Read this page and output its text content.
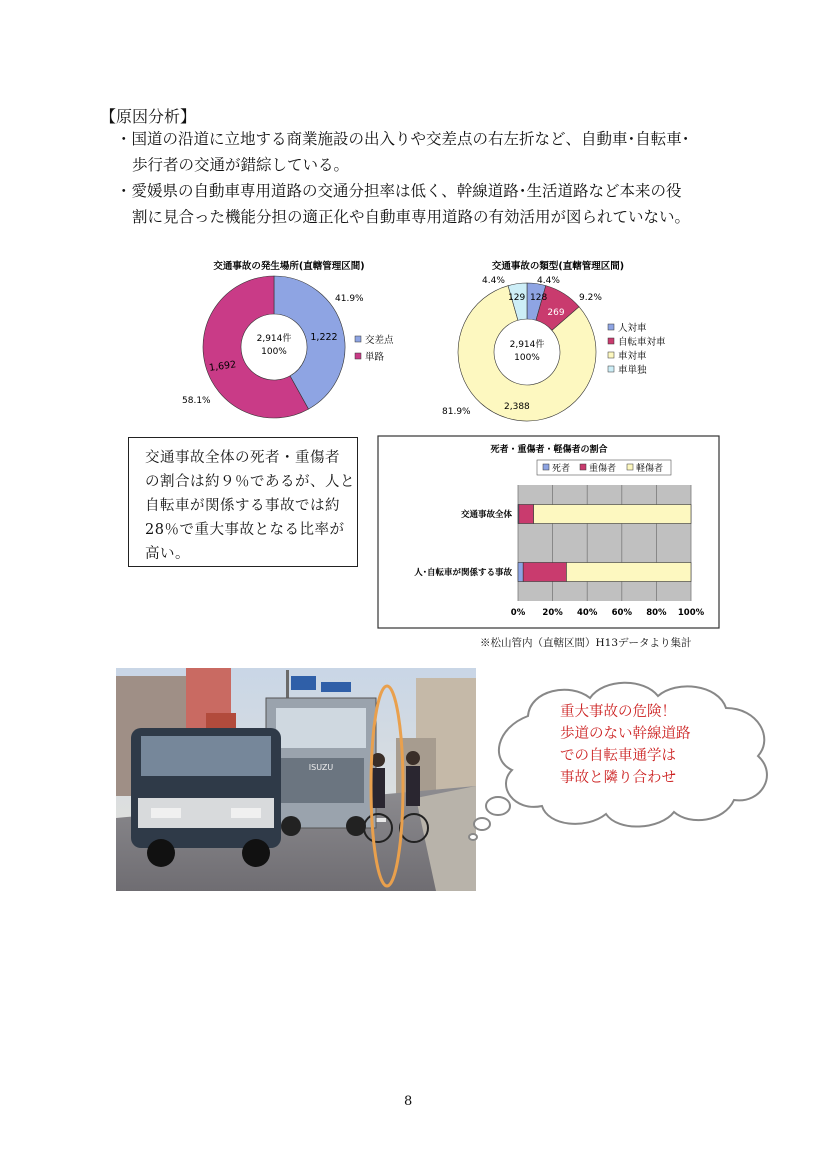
【原因分析】
・国道の沿道に立地する商業施設の出入りや交差点の右左折など、自動車･自転車･
歩行者の交通が錯綜している。
・愛媛県の自動車専用道路の交通分担率は低く、幹線道路･生活道路など本来の役
割に見合った機能分担の適正化や自動車専用道路の有効活用が図られていない。
交通事故の発生場所(直轄管理区間)
2,914件
100%
41.9%
1,222
1,692
58.1%
交差点
単路
交通事故の類型(直轄管理区間)
2,914件
100%
4.4%
128	9.2%
269
2,388
81.9%
4.4%
129
人対車
自転車対車
車対車
車単独
交通事故全体の死者・重傷者
の割合は約９％であるが、人と
自転車が関係する事故では約
28％で重大事故となる比率が
高い。
死者・重傷者・軽傷者の割合
死者 重傷者 軽傷者
0% 20% 40% 60% 80% 100%
交通事故全体
人･自転車が関係する事故
※松山管内（直轄区間）H13データより集計
ISUZU
重大事故の危険！
歩道のない幹線道路
での自転車通学は
事故と隣り合わせ
8
